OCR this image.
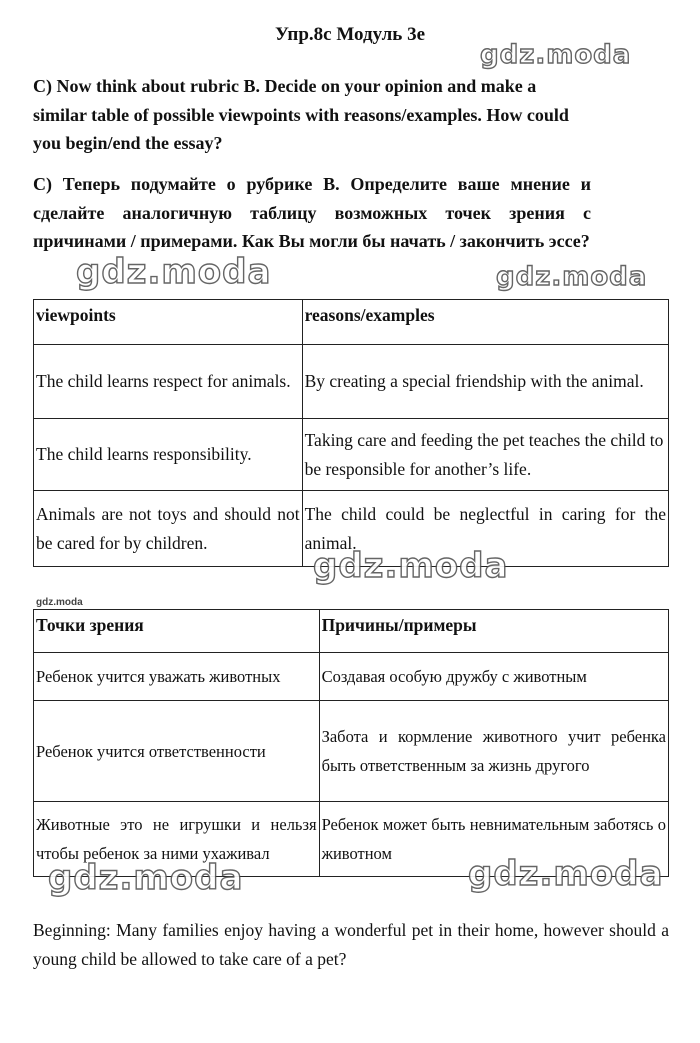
Упр.8c Модуль 3e

C) Now think about rubric B. Decide on your opinion and make a similar table of possible viewpoints with reasons/examples. How could you begin/end the essay?

C) Теперь подумайте о рубрике B. Определите ваше мнение и сделайте аналогичную таблицу возможных точек зрения с причинами / примерами. Как Вы могли бы начать / закончить эссе?

viewpoints	reasons/examples
The child learns respect for animals.	By creating a special friendship with the animal.
The child learns responsibility.	Taking care and feeding the pet teaches the child to be responsible for another’s life.
Animals are not toys and should not be cared for by children.	The child could be neglectful in caring for the animal.
gdz.moda
Точки зрения	Причины/примеры
Ребенок учится уважать животных	Создавая особую дружбу с животным
Ребенок учится ответственности	Забота и кормление животного учит ребенка быть ответственным за жизнь другого
Животные это не игрушки и нельзя чтобы ребенок за ними ухаживал	Ребенок может быть невнимательным заботясь о животном

Beginning: Many families enjoy having a wonderful pet in their home, however should a young child be allowed to take care of a pet?

gdz.moda
gdz.moda	gdz.moda
gdz.moda
gdz.moda	gdz.moda
